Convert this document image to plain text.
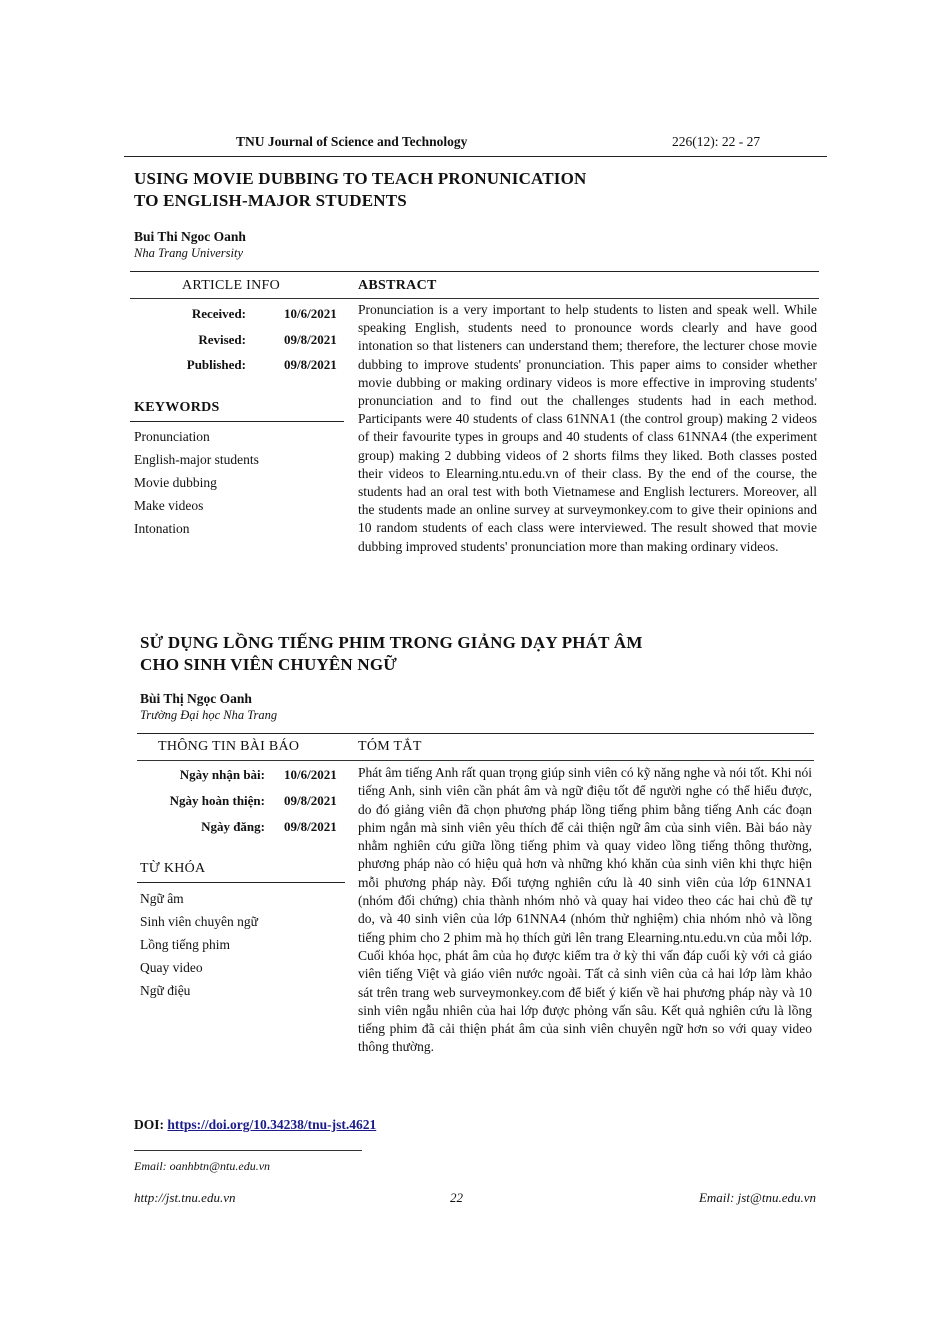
TNU Journal of Science and Technology	226(12): 22 - 27
USING MOVIE DUBBING TO TEACH PRONUNICATION
TO ENGLISH-MAJOR STUDENTS
Bui Thi Ngoc Oanh
Nha Trang University
ARTICLE INFO	ABSTRACT
Received:	10/6/2021
Revised:	09/8/2021
Published:	09/8/2021
KEYWORDS
Pronunciation
English-major students
Movie dubbing
Make videos
Intonation
Pronunciation is a very important to help students to listen and speak well. While speaking English, students need to pronounce words clearly and have good intonation so that listeners can understand them; therefore, the lecturer chose movie dubbing to improve students' pronunciation. This paper aims to consider whether movie dubbing or making ordinary videos is more effective in improving students' pronunciation and to find out the challenges students had in each method. Participants were 40 students of class 61NNA1 (the control group) making 2 videos of their favourite types in groups and 40 students of class 61NNA4 (the experiment group) making 2 dubbing videos of 2 shorts films they liked. Both classes posted their videos to Elearning.ntu.edu.vn of their class. By the end of the course, the students had an oral test with both Vietnamese and English lecturers. Moreover, all the students made an online survey at surveymonkey.com to give their opinions and 10 random students of each class were interviewed. The result showed that movie dubbing improved students' pronunciation more than making ordinary videos.
SỬ DỤNG LỒNG TIẾNG PHIM TRONG GIẢNG DẠY PHÁT ÂM
CHO SINH VIÊN CHUYÊN NGỮ
Bùi Thị Ngọc Oanh
Trường Đại học Nha Trang
THÔNG TIN BÀI BÁO	TÓM TẮT
Ngày nhận bài: 10/6/2021
Ngày hoàn thiện: 09/8/2021
Ngày đăng: 09/8/2021
TỪ KHÓA
Ngữ âm
Sinh viên chuyên ngữ
Lồng tiếng phim
Quay video
Ngữ điệu
Phát âm tiếng Anh rất quan trọng giúp sinh viên có kỹ năng nghe và nói tốt. Khi nói tiếng Anh, sinh viên cần phát âm và ngữ điệu tốt để người nghe có thể hiểu được, do đó giảng viên đã chọn phương pháp lồng tiếng phim bằng tiếng Anh các đoạn phim ngắn mà sinh viên yêu thích để cải thiện ngữ âm của sinh viên. Bài báo này nhằm nghiên cứu giữa lồng tiếng phim và quay video lồng tiếng thông thường, phương pháp nào có hiệu quả hơn và những khó khăn của sinh viên khi thực hiện mỗi phương pháp này. Đối tượng nghiên cứu là 40 sinh viên của lớp 61NNA1 (nhóm đối chứng) chia thành nhóm nhỏ và quay hai video theo các hai chủ đề tự do, và 40 sinh viên của lớp 61NNA4 (nhóm thử nghiệm) chia nhóm nhỏ và lồng tiếng phim cho 2 phim mà họ thích gửi lên trang Elearning.ntu.edu.vn của mỗi lớp. Cuối khóa học, phát âm của họ được kiểm tra ở kỳ thi vấn đáp cuối kỳ với cả giáo viên tiếng Việt và giáo viên nước ngoài. Tất cả sinh viên của cả hai lớp làm khảo sát trên trang web surveymonkey.com để biết ý kiến về hai phương pháp này và 10 sinh viên ngẫu nhiên của hai lớp được phỏng vấn sâu. Kết quả nghiên cứu là lồng tiếng phim đã cải thiện phát âm của sinh viên chuyên ngữ hơn so với quay video thông thường.
DOI: https://doi.org/10.34238/tnu-jst.4621
Email: oanhbtn@ntu.edu.vn
http://jst.tnu.edu.vn	22	Email: jst@tnu.edu.vn
